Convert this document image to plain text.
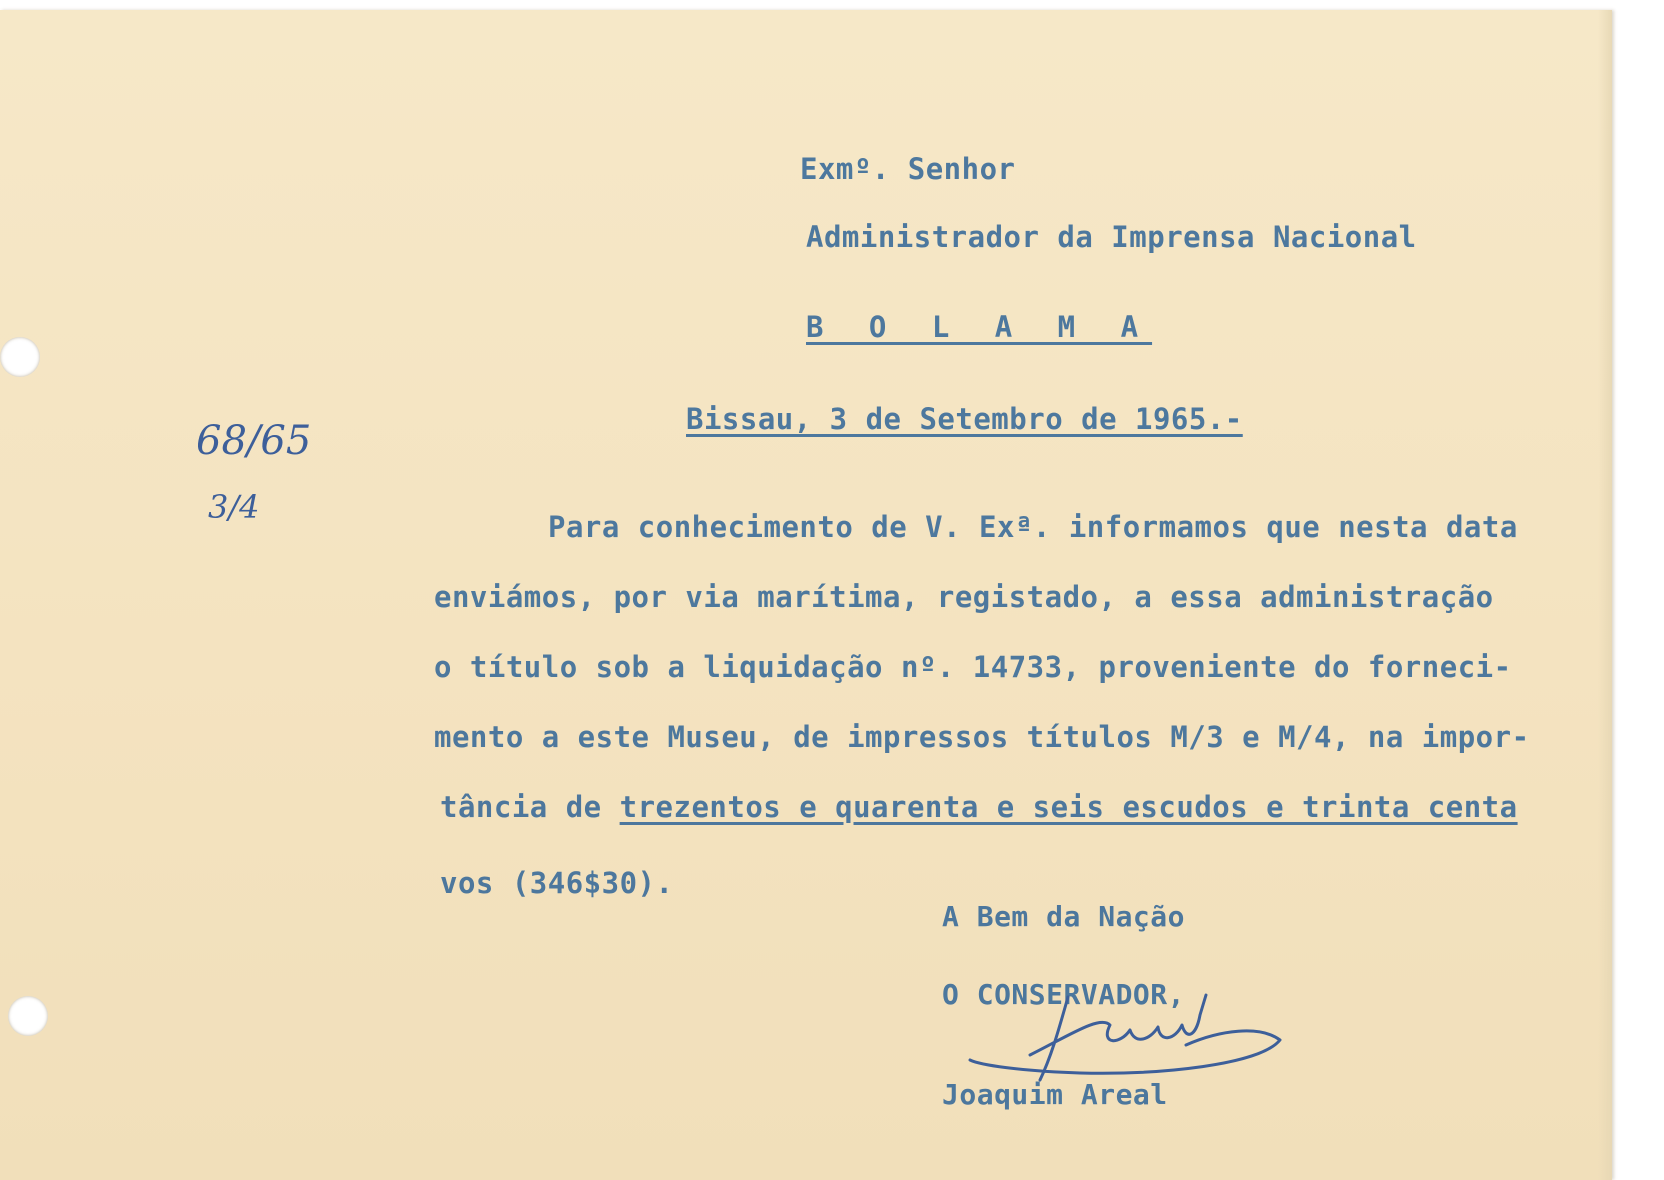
Exmº. Senhor
Administrador da Imprensa Nacional
B O L A M A
Bissau, 3 de Setembro de 1965.-
68/65
3/4
Para conhecimento de V. Exª. informamos que nesta data
enviámos, por via marítima, registado, a essa administração
o título sob a liquidação nº. 14733, proveniente do forneci-
mento a este Museu, de impressos títulos M/3 e M/4, na impor-
tância de trezentos e quarenta e seis escudos e trinta centa
vos (346$30).
A Bem da Nação
O CONSERVADOR,
Joaquim Areal
